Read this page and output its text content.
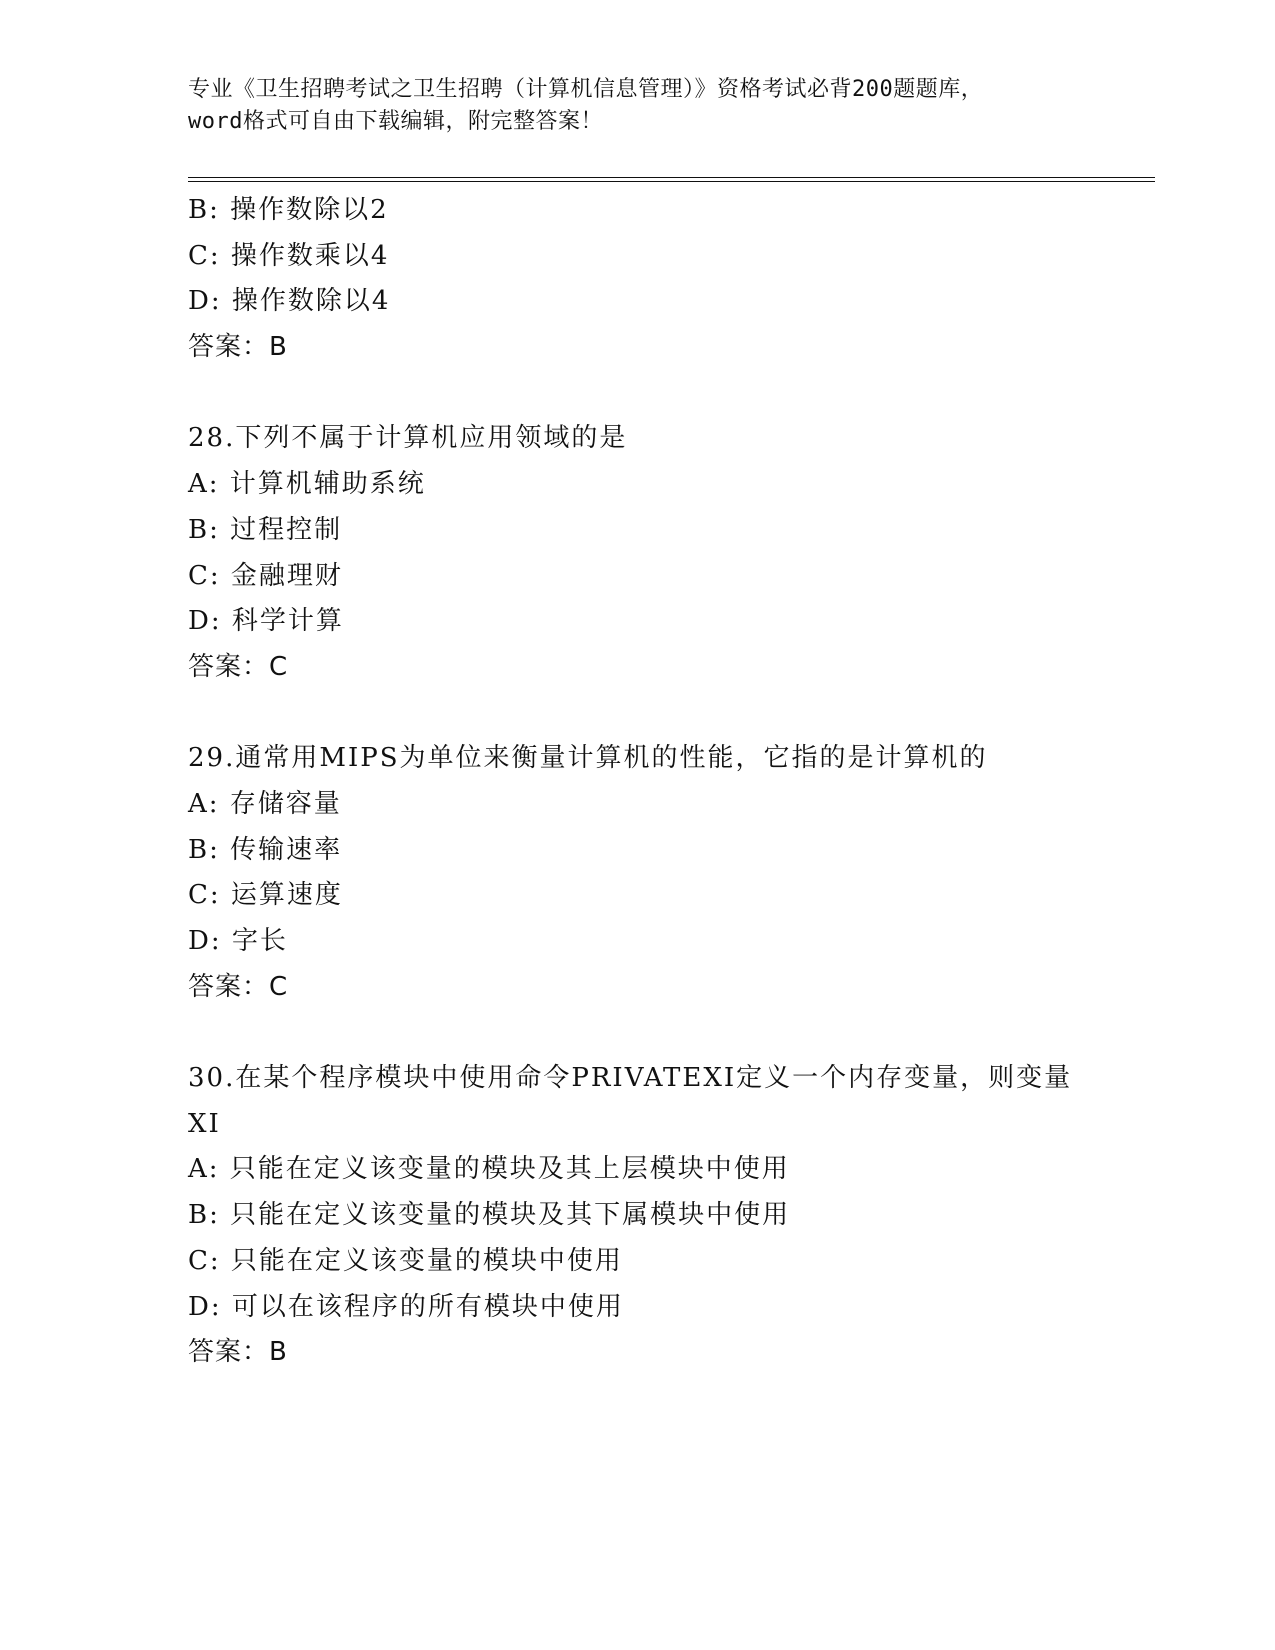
专业《卫生招聘考试之卫生招聘（计算机信息管理）》资格考试必背200题题库，
word格式可自由下载编辑，附完整答案！
B: 操作数除以2
C: 操作数乘以4
D: 操作数除以4
答案：B
28.下列不属于计算机应用领域的是
A: 计算机辅助系统
B: 过程控制
C: 金融理财
D: 科学计算
答案：C
29.通常用MIPS为单位来衡量计算机的性能，它指的是计算机的
A: 存储容量
B: 传输速率
C: 运算速度
D: 字长
答案：C
30.在某个程序模块中使用命令PRIVATEXI定义一个内存变量，则变量
XI
A: 只能在定义该变量的模块及其上层模块中使用
B: 只能在定义该变量的模块及其下属模块中使用
C: 只能在定义该变量的模块中使用
D: 可以在该程序的所有模块中使用
答案：B
